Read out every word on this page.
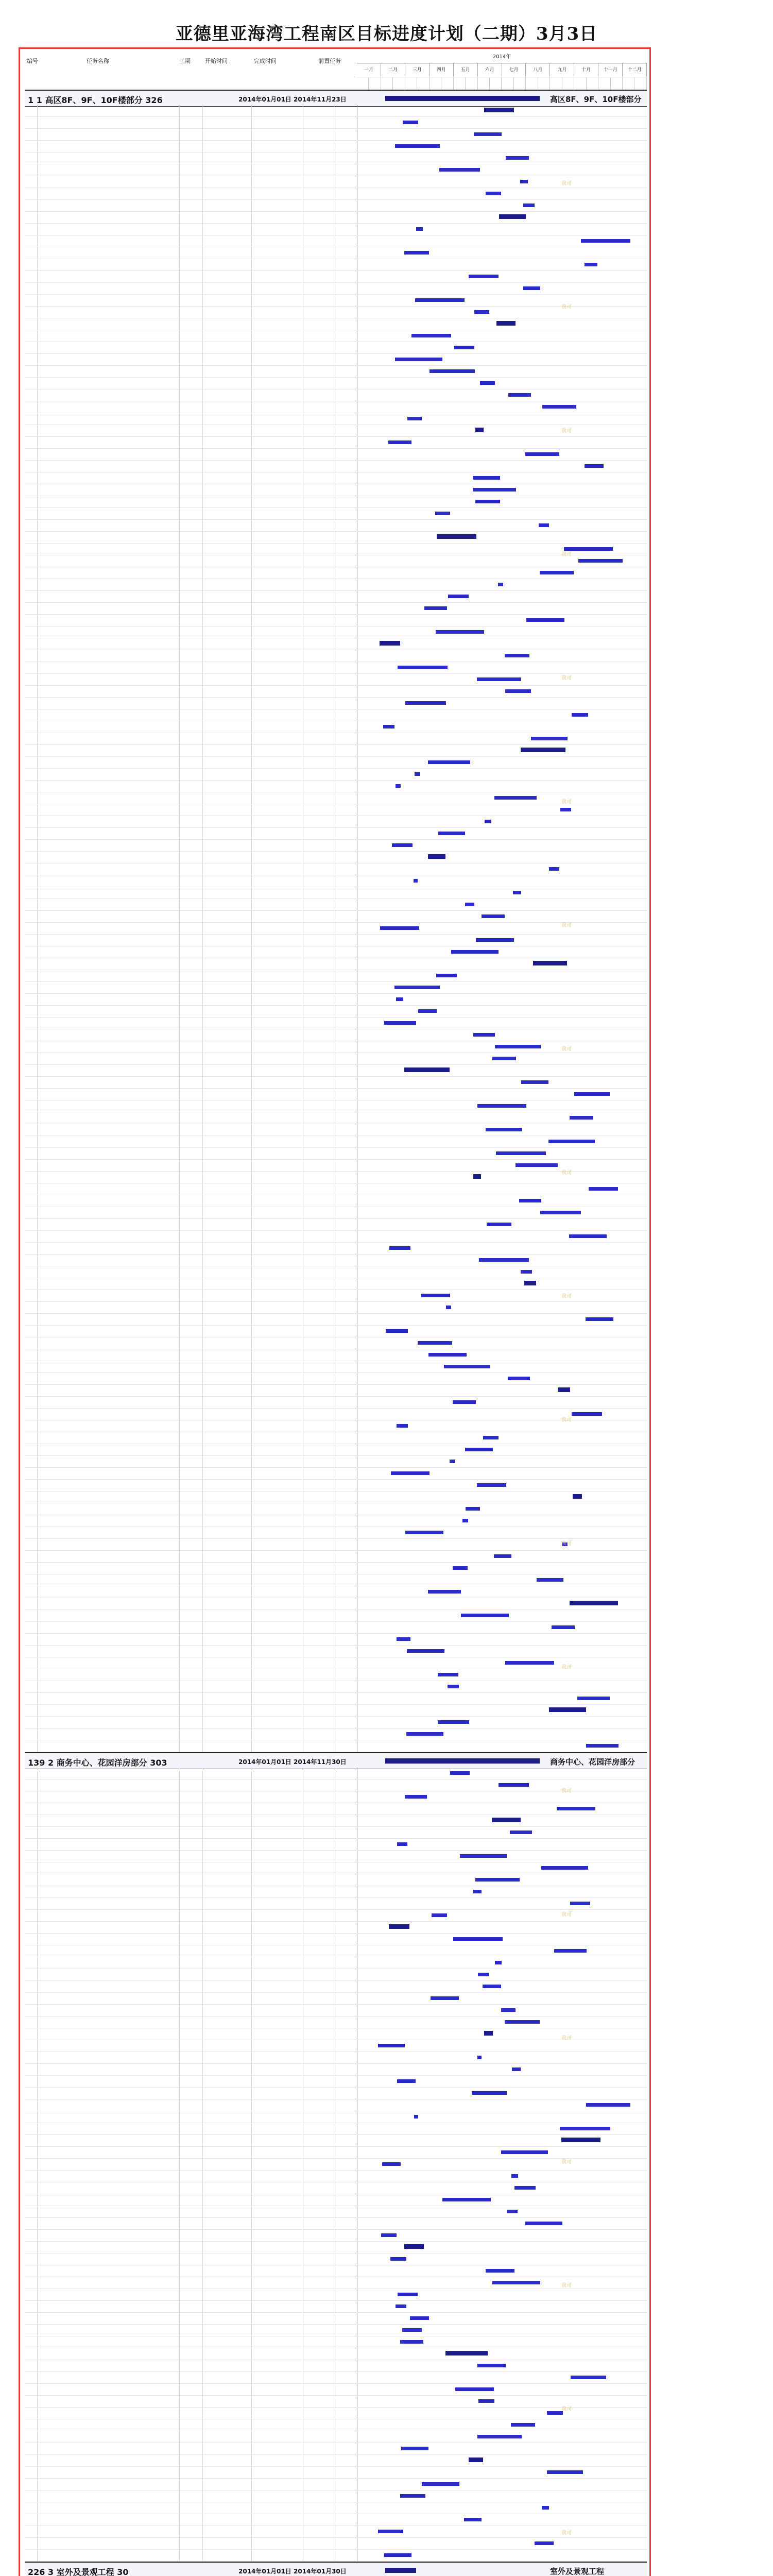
亚德里亚海湾工程南区目标进度计划（二期）3月3日
编号	任务名称	工期	开始时间	完成时间	前置任务
2014年
一月	二月	三月	四月	五月	六月	七月	八月	九月	十月	十一月	十二月
1 1 高区8F、9F、10F楼部分 326	2014年01月01日 2014年11月23日	高区8F、9F、10F楼部分
139 2 商务中心、花园洋房部分 303	2014年01月01日 2014年11月30日	商务中心、花园洋房部分
226 3 室外及景观工程 30	2014年01月01日 2014年01月30日	室外及景观工程
我司
我司
我司
我司
我司
我司
我司
我司
我司
我司
我司
我司
我司
我司
我司
我司
我司
我司
我司
我司
